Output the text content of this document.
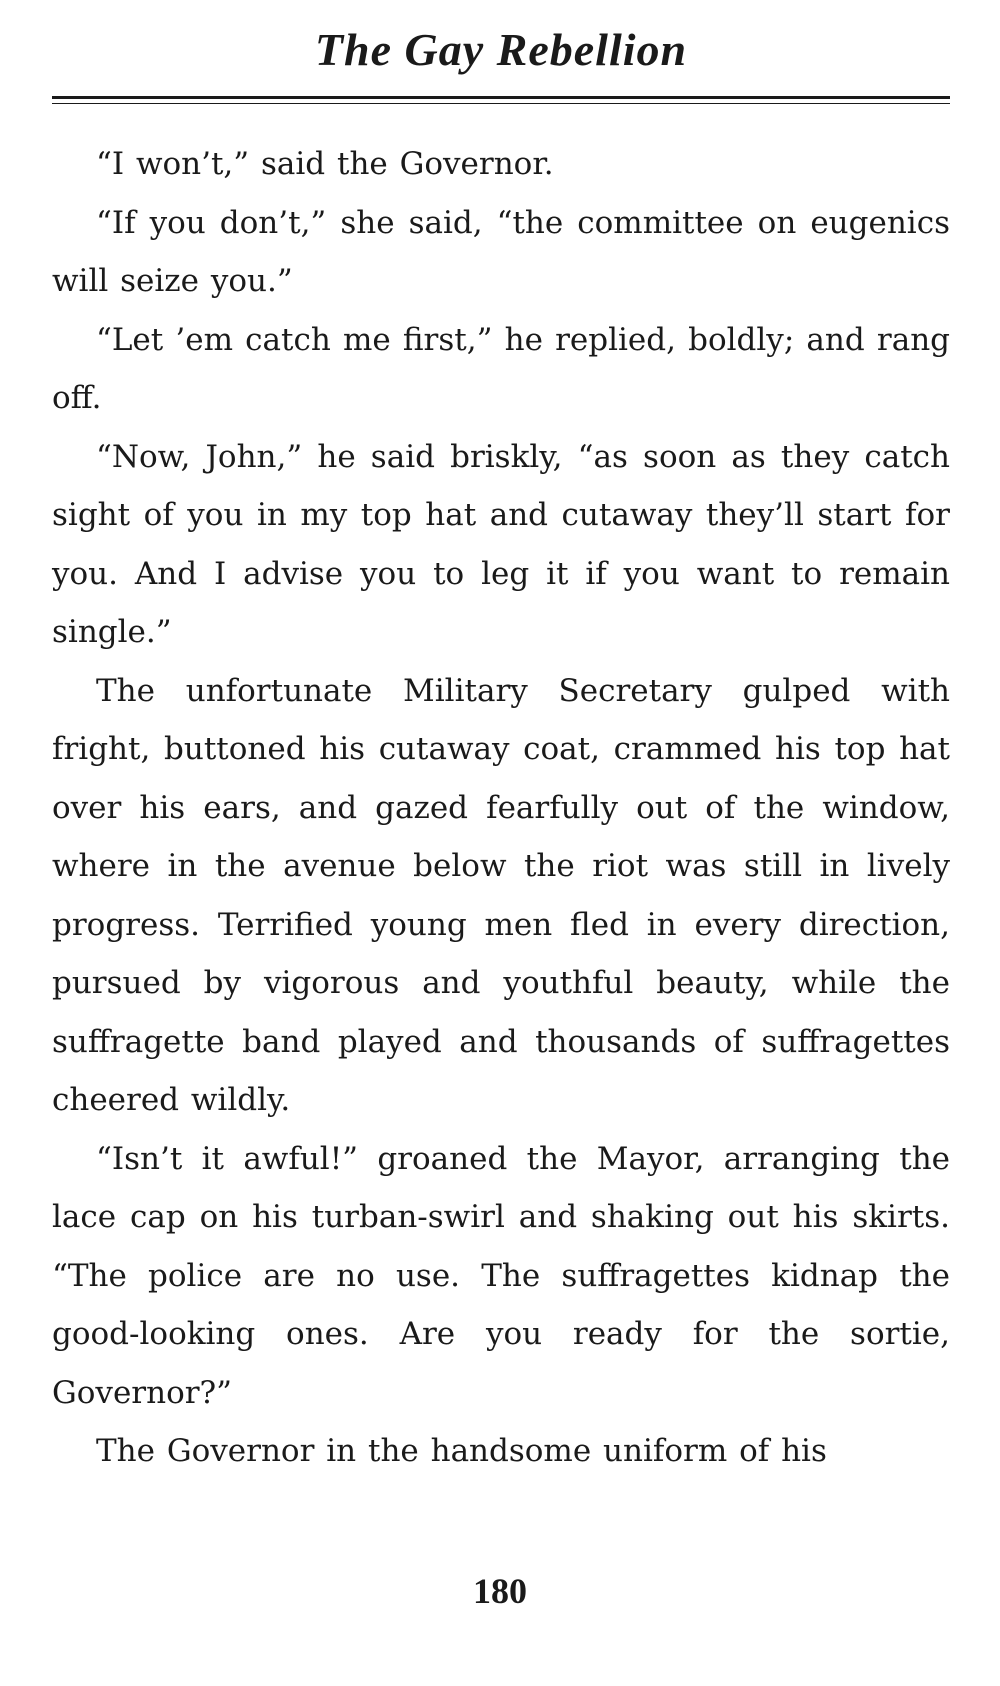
The Gay Rebellion

“I won’t,” said the Governor.

“If you don’t,” she said, “the committee on eugenics will seize you.”

“Let ’em catch me first,” he replied, boldly; and rang off.

“Now, John,” he said briskly, “as soon as they catch sight of you in my top hat and cutaway they’ll start for you. And I advise you to leg it if you want to remain single.”

The unfortunate Military Secretary gulped with fright, buttoned his cutaway coat, crammed his top hat over his ears, and gazed fearfully out of the window, where in the avenue below the riot was still in lively progress. Terrified young men fled in every direction, pursued by vigorous and youthful beauty, while the suffragette band played and thousands of suffragettes cheered wildly.

“Isn’t it awful!” groaned the Mayor, arranging the lace cap on his turban-swirl and shaking out his skirts. “The police are no use. The suffragettes kidnap the good-looking ones. Are you ready for the sortie, Governor?”

The Governor in the handsome uniform of his

180
